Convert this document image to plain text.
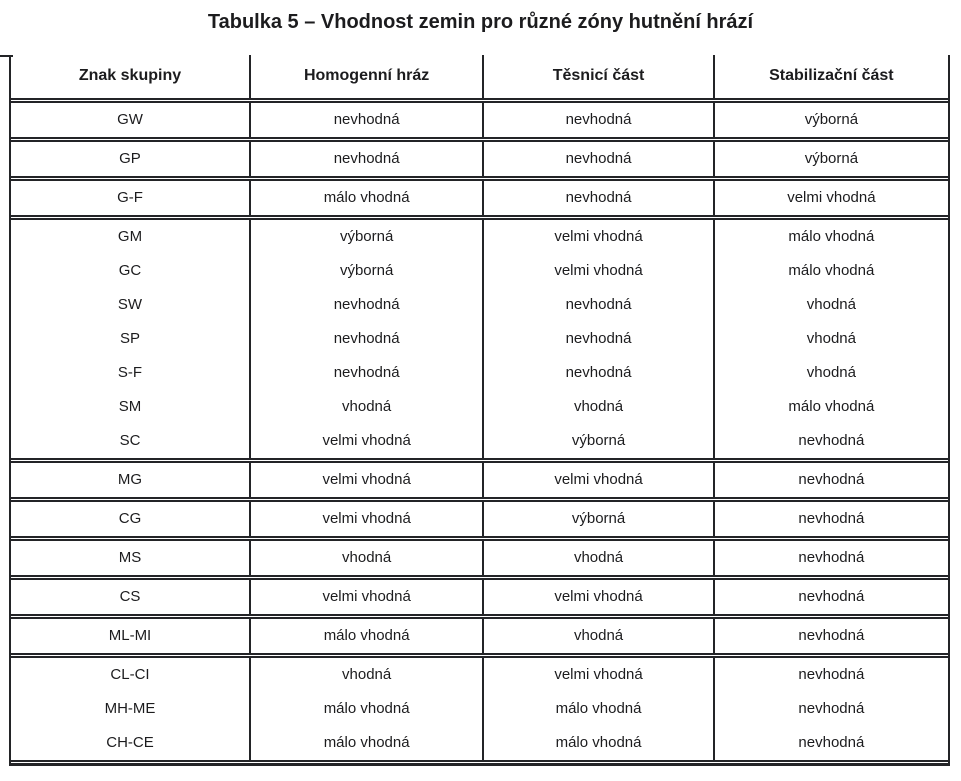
Tabulka 5 – Vhodnost zemin pro různé zóny hutnění hrází
Znak skupiny	Homogenní hráz	Těsnicí část	Stabilizační část
GW	nevhodná	nevhodná	výborná
GP	nevhodná	nevhodná	výborná
G-F	málo vhodná	nevhodná	velmi vhodná
GM	výborná	velmi vhodná	málo vhodná
GC	výborná	velmi vhodná	málo vhodná
SW	nevhodná	nevhodná	vhodná
SP	nevhodná	nevhodná	vhodná
S-F	nevhodná	nevhodná	vhodná
SM	vhodná	vhodná	málo vhodná
SC	velmi vhodná	výborná	nevhodná
MG	velmi vhodná	velmi vhodná	nevhodná
CG	velmi vhodná	výborná	nevhodná
MS	vhodná	vhodná	nevhodná
CS	velmi vhodná	velmi vhodná	nevhodná
ML-MI	málo vhodná	vhodná	nevhodná
CL-CI	vhodná	velmi vhodná	nevhodná
MH-ME	málo vhodná	málo vhodná	nevhodná
CH-CE	málo vhodná	málo vhodná	nevhodná
